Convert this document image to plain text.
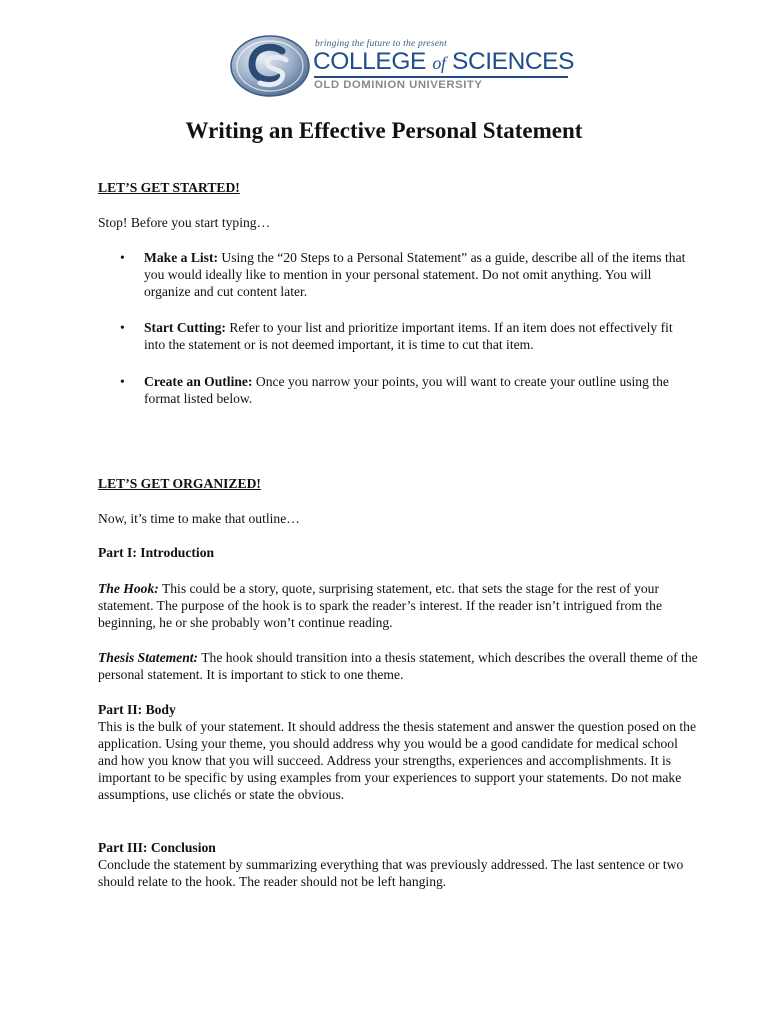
bringing the future to the present
COLLEGE of SCIENCES
OLD DOMINION UNIVERSITY
Writing an Effective Personal Statement
LET’S GET STARTED!
Stop! Before you start typing…
• Make a List: Using the “20 Steps to a Personal Statement” as a guide, describe all of the items that you would ideally like to mention in your personal statement. Do not omit anything. You will organize and cut content later.
• Start Cutting: Refer to your list and prioritize important items. If an item does not effectively fit into the statement or is not deemed important, it is time to cut that item.
• Create an Outline: Once you narrow your points, you will want to create your outline using the format listed below.
LET’S GET ORGANIZED!
Now, it’s time to make that outline…
Part I: Introduction
The Hook: This could be a story, quote, surprising statement, etc. that sets the stage for the rest of your statement. The purpose of the hook is to spark the reader’s interest. If the reader isn’t intrigued from the beginning, he or she probably won’t continue reading.
Thesis Statement: The hook should transition into a thesis statement, which describes the overall theme of the personal statement. It is important to stick to one theme.
Part II: Body
This is the bulk of your statement. It should address the thesis statement and answer the question posed on the application. Using your theme, you should address why you would be a good candidate for medical school and how you know that you will succeed. Address your strengths, experiences and accomplishments. It is important to be specific by using examples from your experiences to support your statements. Do not make assumptions, use clichés or state the obvious.
Part III: Conclusion
Conclude the statement by summarizing everything that was previously addressed. The last sentence or two should relate to the hook. The reader should not be left hanging.
